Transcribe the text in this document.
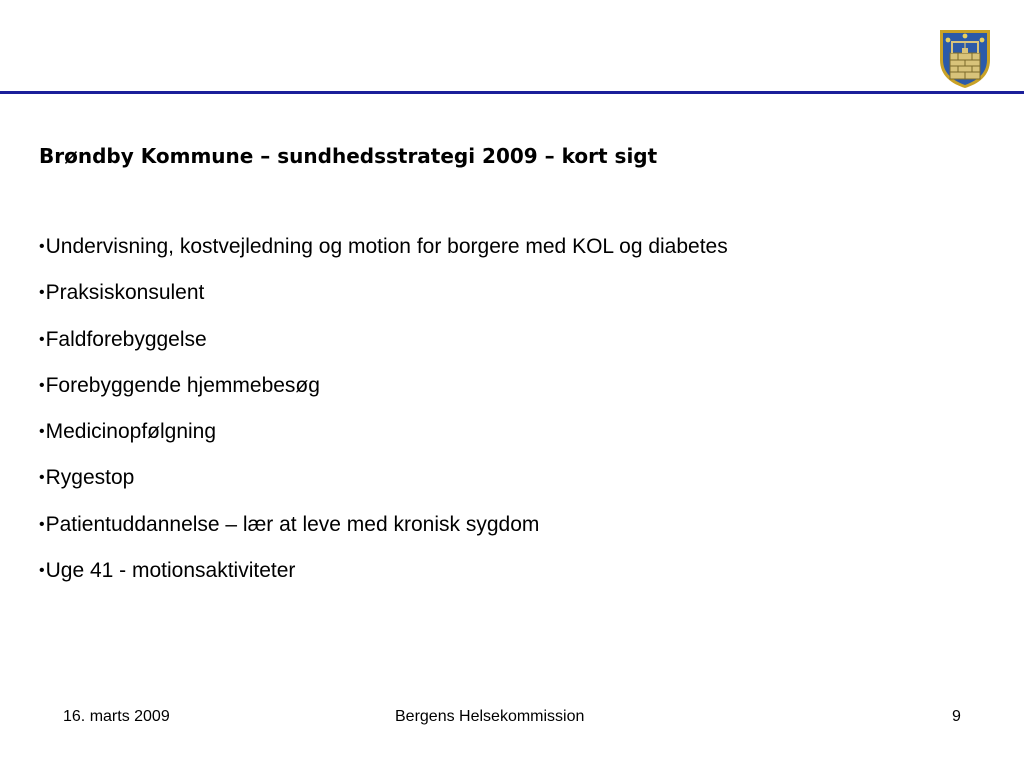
Brøndby Kommune – sundhedsstrategi 2009 – kort sigt
• Undervisning, kostvejledning og motion for borgere med KOL og diabetes
• Praksiskonsulent
• Faldforebyggelse
• Forebyggende hjemmebesøg
• Medicinopfølgning
• Rygestop
• Patientuddannelse – lær at leve med kronisk sygdom
• Uge 41 - motionsaktiviteter
16. marts 2009	Bergens Helsekommission	9
